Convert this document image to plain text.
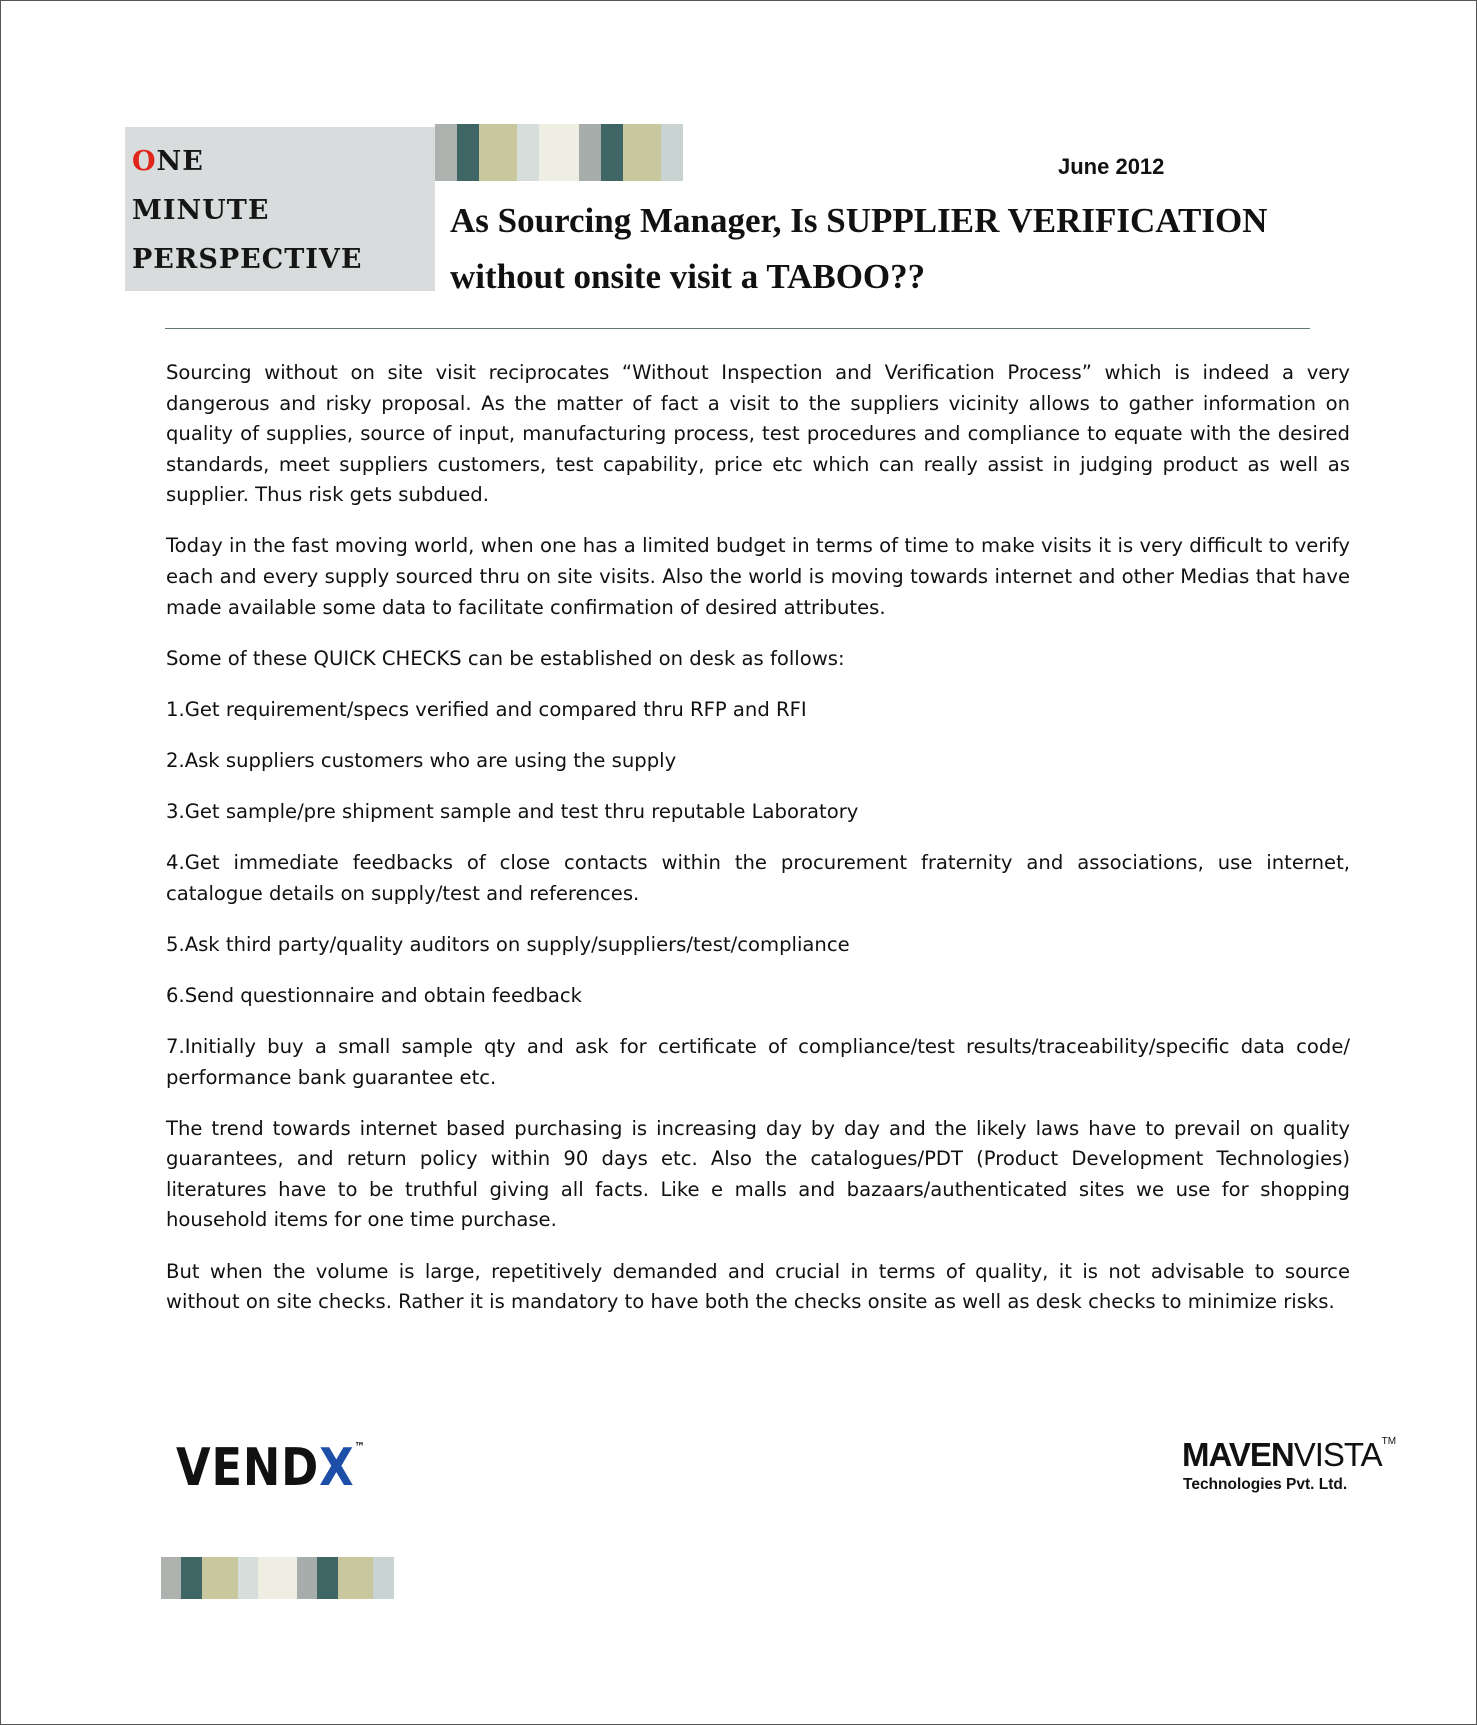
ONE
MINUTE
PERSPECTIVE
June 2012
As Sourcing Manager, Is SUPPLIER VERIFICATION
without onsite visit a TABOO??

Sourcing without on site visit reciprocates “Without Inspection and Verification Process” which is indeed a very dangerous and risky proposal. As the matter of fact a visit to the suppliers vicinity allows to gather information on quality of supplies, source of input, manufacturing process, test procedures and compliance to equate with the desired standards, meet suppliers customers, test capability, price etc which can really assist in judging product as well as supplier. Thus risk gets subdued.

Today in the fast moving world, when one has a limited budget in terms of time to make visits it is very difficult to verify each and every supply sourced thru on site visits. Also the world is moving towards internet and other Medias that have made available some data to facilitate confirmation of desired attributes.

Some of these QUICK CHECKS can be established on desk as follows:

1.Get requirement/specs verified and compared thru RFP and RFI

2.Ask suppliers customers who are using the supply

3.Get sample/pre shipment sample and test thru reputable Laboratory

4.Get immediate feedbacks of close contacts within the procurement fraternity and associations, use internet, catalogue details on supply/test and references.

5.Ask third party/quality auditors on supply/suppliers/test/compliance

6.Send questionnaire and obtain feedback

7.Initially buy a small sample qty and ask for certificate of compliance/test results/traceability/specific data code/ performance bank guarantee etc.

The trend towards internet based purchasing is increasing day by day and the likely laws have to prevail on quality guarantees, and return policy within 90 days etc. Also the catalogues/PDT (Product Development Technologies) literatures have to be truthful giving all facts. Like e malls and bazaars/authenticated sites we use for shopping household items for one time purchase.

But when the volume is large, repetitively demanded and crucial in terms of quality, it is not advisable to source without on site checks. Rather it is mandatory to have both the checks onsite as well as desk checks to minimize risks.

VENDX™	MAVENVISTA™
Technologies Pvt. Ltd.
